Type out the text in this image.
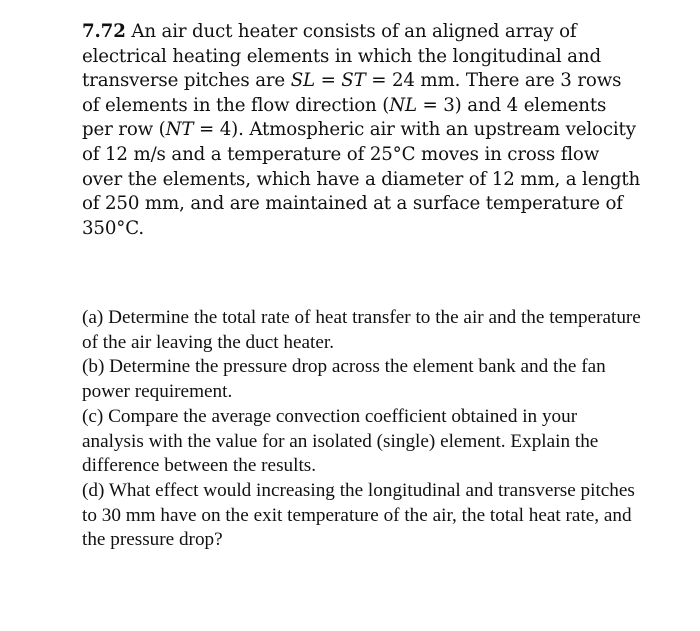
7.72 An air duct heater consists of an aligned array of electrical heating elements in which the longitudinal and transverse pitches are SL = ST = 24 mm. There are 3 rows of elements in the flow direction (NL = 3) and 4 elements per row (NT = 4). Atmospheric air with an upstream velocity of 12 m/s and a temperature of 25°C moves in cross flow over the elements, which have a diameter of 12 mm, a length of 250 mm, and are maintained at a surface temperature of 350°C.

(a) Determine the total rate of heat transfer to the air and the temperature of the air leaving the duct heater.

(b) Determine the pressure drop across the element bank and the fan power requirement.

(c) Compare the average convection coefficient obtained in your analysis with the value for an isolated (single) element. Explain the difference between the results.

(d) What effect would increasing the longitudinal and transverse pitches to 30 mm have on the exit temperature of the air, the total heat rate, and the pressure drop?
